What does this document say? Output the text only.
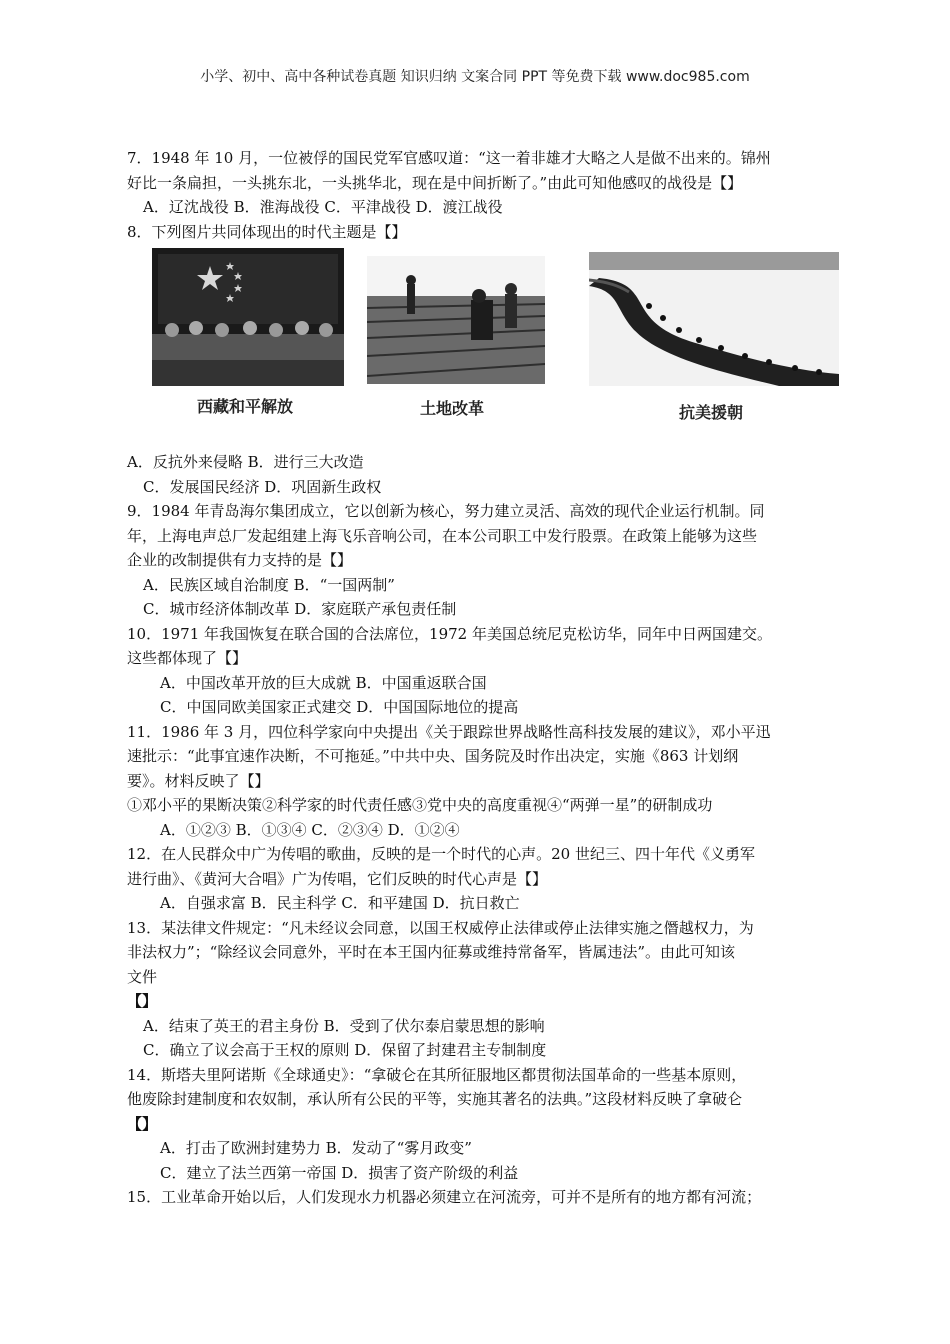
小学、初中、高中各种试卷真题 知识归纳 文案合同 PPT 等免费下载 www.doc985.com
7．1948 年 10 月，一位被俘的国民党军官感叹道：“这一着非雄才大略之人是做不出来的。锦州
好比一条扁担，一头挑东北，一头挑华北，现在是中间折断了。”由此可知他感叹的战役是【】
A．辽沈战役 B．淮海战役 C．平津战役 D．渡江战役
8．下列图片共同体现出的时代主题是【】
西藏和平解放	土地改革	抗美援朝
A．反抗外来侵略 B．进行三大改造
C．发展国民经济 D．巩固新生政权
9．1984 年青岛海尔集团成立，它以创新为核心，努力建立灵活、高效的现代企业运行机制。同
年，上海电声总厂发起组建上海飞乐音响公司，在本公司职工中发行股票。在政策上能够为这些
企业的改制提供有力支持的是【】
A．民族区域自治制度 B．“一国两制”
C．城市经济体制改革 D．家庭联产承包责任制
10．1971 年我国恢复在联合国的合法席位，1972 年美国总统尼克松访华，同年中日两国建交。
这些都体现了【】
A．中国改革开放的巨大成就 B．中国重返联合国
C．中国同欧美国家正式建交 D．中国国际地位的提高
11．1986 年 3 月，四位科学家向中央提出《关于跟踪世界战略性高科技发展的建议》，邓小平迅
速批示：“此事宜速作决断，不可拖延。”中共中央、国务院及时作出决定，实施《863 计划纲
要》。材料反映了【】
①邓小平的果断决策②科学家的时代责任感③党中央的高度重视④“两弹一星”的研制成功
A．①②③ B．①③④ C．②③④ D．①②④
12．在人民群众中广为传唱的歌曲，反映的是一个时代的心声。20 世纪三、四十年代《义勇军
进行曲》、《黄河大合唱》广为传唱，它们反映的时代心声是【】
A．自强求富 B．民主科学 C．和平建国 D．抗日救亡
13．某法律文件规定：“凡未经议会同意，以国王权威停止法律或停止法律实施之僭越权力，为
非法权力”；“除经议会同意外，平时在本王国内征募或维持常备军，皆属违法”。由此可知该
文件
【】
A．结束了英王的君主身份 B．受到了伏尔泰启蒙思想的影响
C．确立了议会高于王权的原则 D．保留了封建君主专制制度
14．斯塔夫里阿诺斯《全球通史》：“拿破仑在其所征服地区都贯彻法国革命的一些基本原则，
他废除封建制度和农奴制，承认所有公民的平等，实施其著名的法典。”这段材料反映了拿破仑
【】
A．打击了欧洲封建势力 B．发动了“雾月政变”
C．建立了法兰西第一帝国 D．损害了资产阶级的利益
15．工业革命开始以后，人们发现水力机器必须建立在河流旁，可并不是所有的地方都有河流；
